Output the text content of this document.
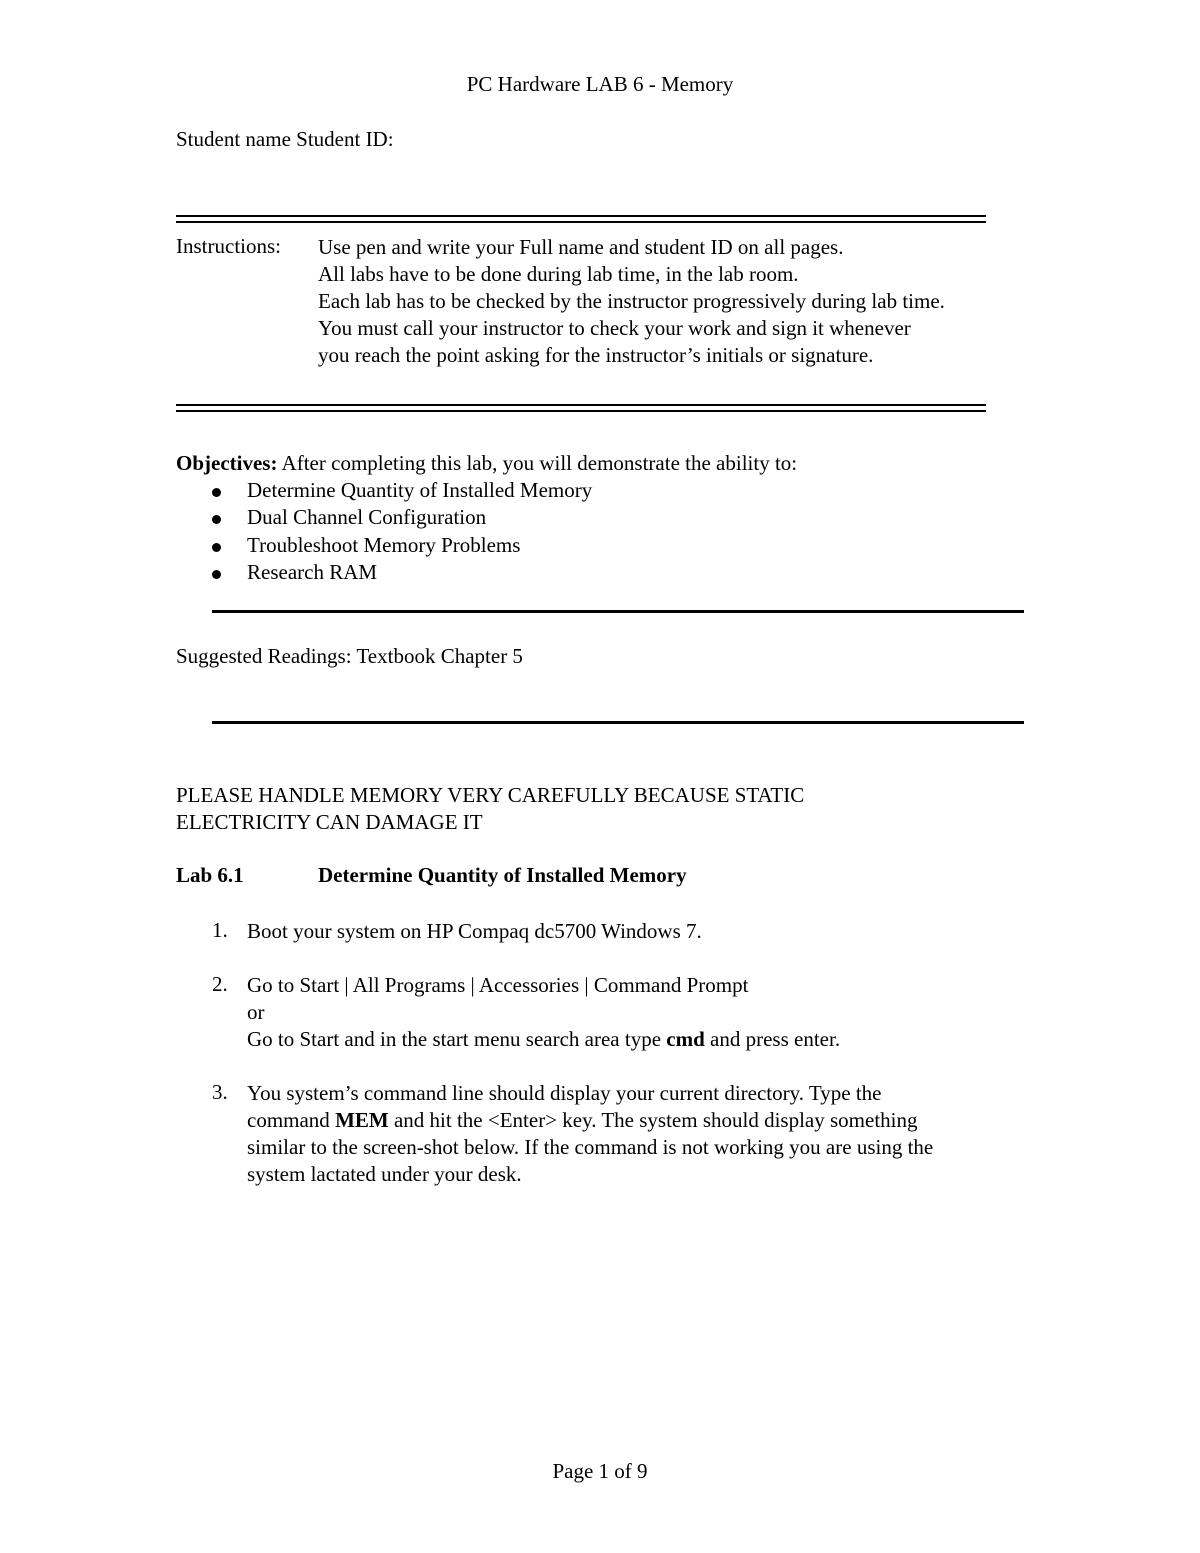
PC Hardware LAB 6 - Memory
Student name Student ID:
Instructions: Use pen and write your Full name and student ID on all pages.
All labs have to be done during lab time, in the lab room.
Each lab has to be checked by the instructor progressively during lab time.
You must call your instructor to check your work and sign it whenever
you reach the point asking for the instructor’s initials or signature.
Objectives: After completing this lab, you will demonstrate the ability to:
Determine Quantity of Installed Memory
Dual Channel Configuration
Troubleshoot Memory Problems
Research RAM
Suggested Readings: Textbook Chapter 5
PLEASE HANDLE MEMORY VERY CAREFULLY BECAUSE STATIC
ELECTRICITY CAN DAMAGE IT
Lab 6.1	Determine Quantity of Installed Memory
1. Boot your system on HP Compaq dc5700 Windows 7.
2. Go to Start | All Programs | Accessories | Command Prompt
or
Go to Start and in the start menu search area type cmd and press enter.
3. You system’s command line should display your current directory. Type the
command MEM and hit the <Enter> key. The system should display something
similar to the screen-shot below. If the command is not working you are using the
system lactated under your desk.
Page 1 of 9
